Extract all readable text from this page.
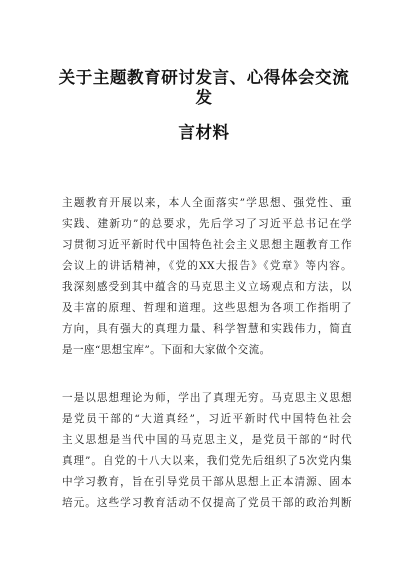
关于主题教育研讨发言、心得体会交流发
言材料

主题教育开展以来，本人全面落实”学思想、强党性、重
实践、建新功”的总要求，先后学习了习近平总书记在学
习贯彻习近平新时代中国特色社会主义思想主题教育工作
会议上的讲话精神，《党的XX大报告》《党章》等内容。
我深刻感受到其中蕴含的马克思主义立场观点和方法，以
及丰富的原理、哲理和道理。这些思想为各项工作指明了
方向，具有强大的真理力量、科学智慧和实践伟力，简直
是一座“思想宝库”。下面和大家做个交流。

一是以思想理论为师，学出了真理无穷。马克思主义思想
是党员干部的“大道真经”，习近平新时代中国特色社会
主义思想是当代中国的马克思主义，是党员干部的“时代
真理”。自党的十八大以来，我们党先后组织了5次党内集
中学习教育，旨在引导党员干部从思想上正本清源、固本
培元。这些学习教育活动不仅提高了党员干部的政治判断
